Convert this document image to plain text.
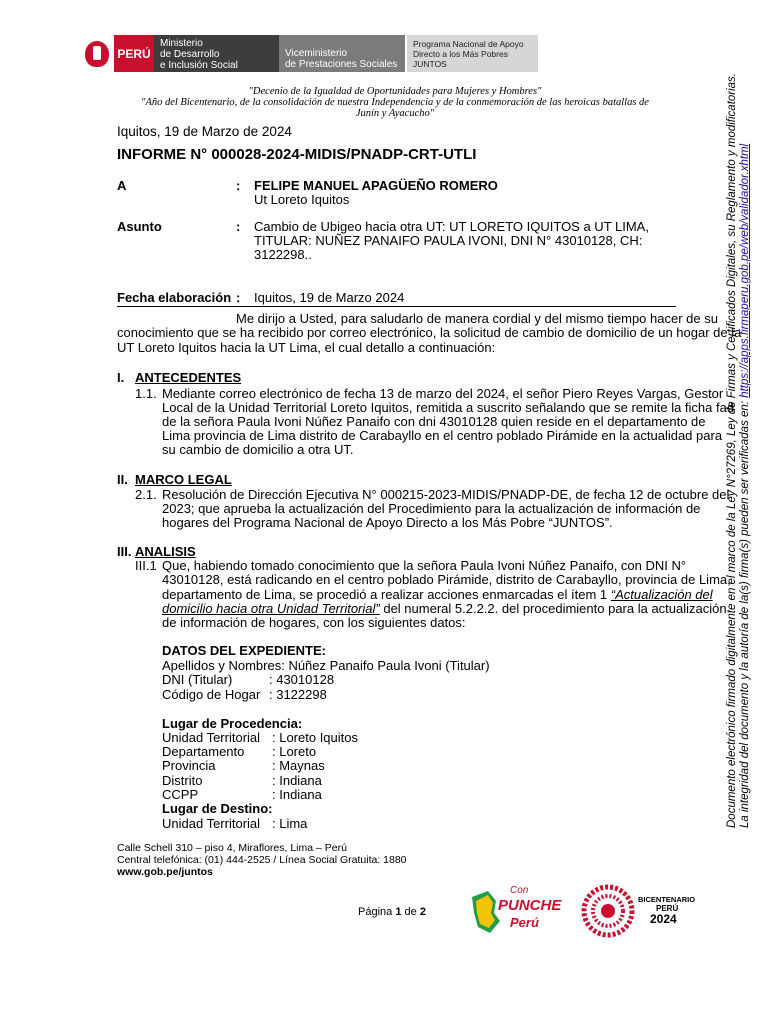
PERÚ
Ministerio
de Desarrollo
e Inclusión Social
Viceministerio
de Prestaciones Sociales
Programa Nacional de Apoyo
Directo a los Más Pobres
JUNTOS
"Decenio de la Igualdad de Oportunidades para Mujeres y Hombres"
"Año del Bicentenario, de la consolidación de nuestra Independencia y de la conmemoración de las heroicas batallas de
Junín y Ayacucho"
Iquitos, 19 de Marzo de 2024
INFORME N° 000028-2024-MIDIS/PNADP-CRT-UTLI
A	: FELIPE MANUEL APAGÜEÑO ROMERO
Ut Loreto Iquitos
Asunto	: Cambio de Ubigeo hacia otra UT: UT LORETO IQUITOS a UT LIMA,
TITULAR: NUÑEZ PANAIFO PAULA IVONI, DNI N° 43010128, CH:
3122298..
Fecha elaboración : Iquitos, 19 de Marzo 2024
Me dirijo a Usted, para saludarlo de manera cordial y del mismo tiempo hacer de su
conocimiento que se ha recibido por correo electrónico, la solicitud de cambio de domicilio de un hogar de la
UT Loreto Iquitos hacia la UT Lima, el cual detallo a continuación:
I. ANTECEDENTES
1.1. Mediante correo electrónico de fecha 13 de marzo del 2024, el señor Piero Reyes Vargas, Gestor
Local de la Unidad Territorial Loreto Iquitos, remitida a suscrito señalando que se remite la ficha fad
de la señora Paula Ivoni Núñez Panaifo con dni 43010128 quien reside en el departamento de
Lima provincia de Lima distrito de Carabayllo en el centro poblado Pirámide en la actualidad para
su cambio de domicilio a otra UT.
II. MARCO LEGAL
2.1. Resolución de Dirección Ejecutiva N° 000215-2023-MIDIS/PNADP-DE, de fecha 12 de octubre del
2023; que aprueba la actualización del Procedimiento para la actualización de información de
hogares del Programa Nacional de Apoyo Directo a los Más Pobre “JUNTOS”.
III. ANALISIS
III.1 Que, habiendo tomado conocimiento que la señora Paula Ivoni Núñez Panaifo, con DNI N°
43010128, está radicando en el centro poblado Pirámide, distrito de Carabayllo, provincia de Lima,
departamento de Lima, se procedió a realizar acciones enmarcadas el ítem 1 “Actualización del
domicilio hacia otra Unidad Territorial” del numeral 5.2.2.2. del procedimiento para la actualización
de información de hogares, con los siguientes datos:
DATOS DEL EXPEDIENTE:
Apellidos y Nombres: Núñez Panaifo Paula Ivoni (Titular)
DNI (Titular)	: 43010128
Código de Hogar : 3122298
Lugar de Procedencia:
Unidad Territorial : Loreto Iquitos
Departamento : Loreto
Provincia	: Maynas
Distrito	: Indiana
CCPP	: Indiana
Lugar de Destino:
Unidad Territorial : Lima
Calle Schell 310 – piso 4, Miraflores, Lima – Perú
Central telefónica: (01) 444-2525 / Línea Social Gratuita: 1880
www.gob.pe/juntos
Página 1 de 2
Con
PUNCHE
Perú
BICENTENARIO
PERÚ
2024
Documento electrónico firmado digitalmente en el marco de la Ley N°27269, Ley de Firmas y Certificados Digitales, su Reglamento y modificatorias. La integridad del documento y la autoría de la(s) firma(s) pueden ser verificadas en: https://apps.firmaperu.gob.pe/web/validador.xhtml
